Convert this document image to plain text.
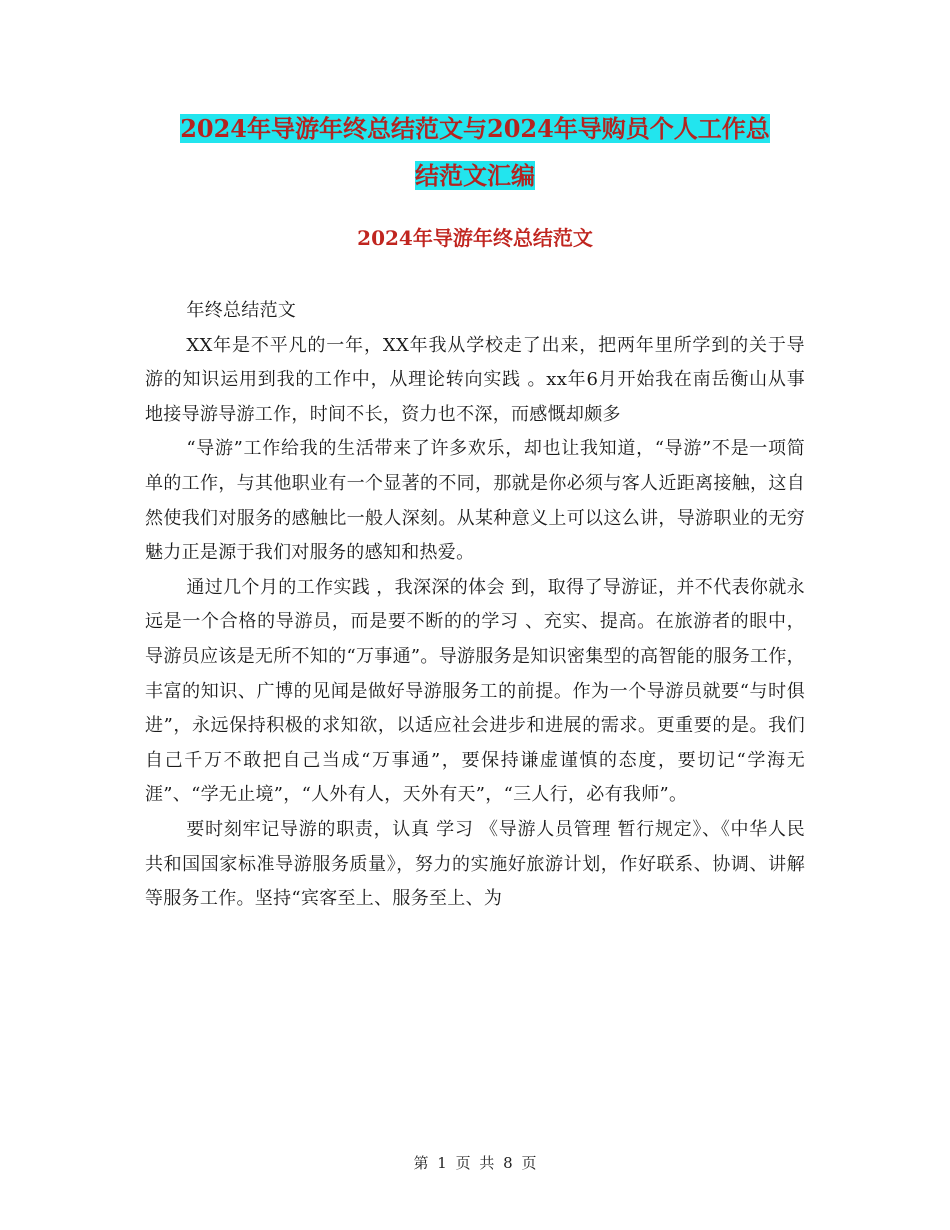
2024年导游年终总结范文与2024年导购员个人工作总
结范文汇编
2024年导游年终总结范文

年终总结范文

XX年是不平凡的一年，XX年我从学校走了出来，把两年里所学到的关于导游的知识运用到我的工作中，从理论转向实践 。xx年6月开始我在南岳衡山从事地接导游导游工作，时间不长，资力也不深，而感慨却颇多

“导游”工作给我的生活带来了许多欢乐，却也让我知道，“导游”不是一项简单的工作，与其他职业有一个显著的不同，那就是你必须与客人近距离接触，这自然使我们对服务的感触比一般人深刻。从某种意义上可以这么讲，导游职业的无穷魅力正是源于我们对服务的感知和热爱。

通过几个月的工作实践 ，我深深的体会 到，取得了导游证，并不代表你就永远是一个合格的导游员，而是要不断的的学习 、充实、提高。在旅游者的眼中，导游员应该是无所不知的“万事通”。导游服务是知识密集型的高智能的服务工作，丰富的知识、广博的见闻是做好导游服务工的前提。作为一个导游员就要“与时俱进”，永远保持积极的求知欲，以适应社会进步和进展的需求。更重要的是。我们自己千万不敢把自己当成“万事通”，要保持谦虚谨慎的态度，要切记“学海无涯”、“学无止境”，“人外有人，天外有天”，“三人行，必有我师”。

要时刻牢记导游的职责，认真 学习 《导游人员管理 暂行规定》、《中华人民共和国国家标准导游服务质量》，努力的实施好旅游计划，作好联系、协调、讲解等服务工作。坚持“宾客至上、服务至上、为

第 1 页 共 8 页
